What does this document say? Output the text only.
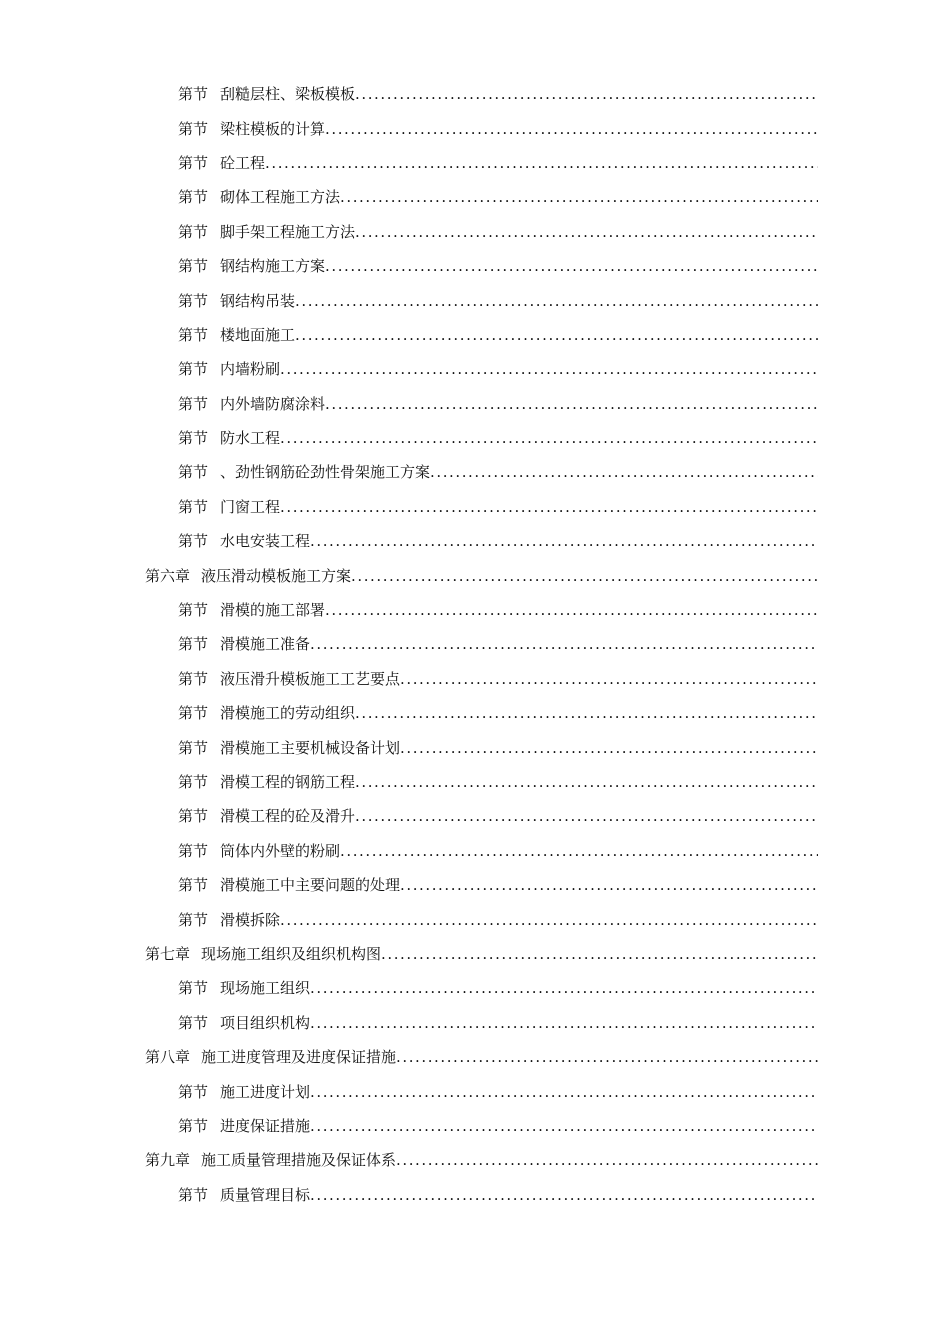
第节 刮糙层柱、梁板模板
. . .
第节 梁柱模板的计算
. . .
第节 砼工程
. . .
第节 砌体工程施工方法
. . .
第节 脚手架工程施工方法
. . .
第节 钢结构施工方案
. . .
第节 钢结构吊装
. . .
第节 楼地面施工
. . .
第节 内墙粉刷
. . .
第节 内外墙防腐涂料
. . .
第节 防水工程
. . .
第节 、劲性钢筋砼劲性骨架施工方案
. . .
第节 门窗工程
. . .
第节 水电安装工程
. . .
第六章 液压滑动模板施工方案
. . .
第节 滑模的施工部署
. . .
第节 滑模施工准备
. . .
第节 液压滑升模板施工工艺要点
. . .
第节 滑模施工的劳动组织
. . .
第节 滑模施工主要机械设备计划
. . .
第节 滑模工程的钢筋工程
. . .
第节 滑模工程的砼及滑升
. . .
第节 筒体内外壁的粉刷
. . .
第节 滑模施工中主要问题的处理
. . .
第节 滑模拆除
. . .
第七章 现场施工组织及组织机构图
. . .
第节 现场施工组织
. . .
第节 项目组织机构
. . .
第八章 施工进度管理及进度保证措施
. . .
第节 施工进度计划
. . .
第节 进度保证措施
. . .
第九章 施工质量管理措施及保证体系
. . .
第节 质量管理目标
. . .
